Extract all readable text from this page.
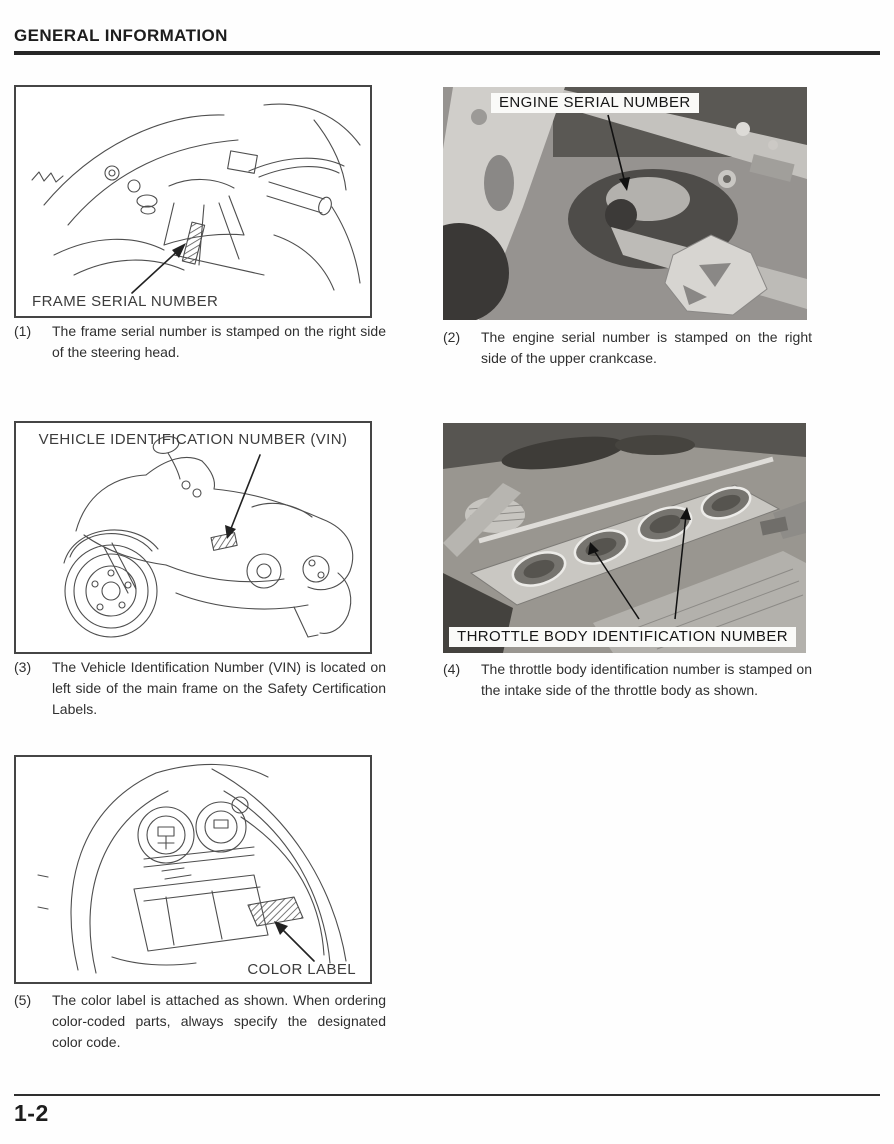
GENERAL INFORMATION
FRAME SERIAL NUMBER
(1)	The frame serial number is stamped on the right side of the steering head.
ENGINE SERIAL NUMBER
(2)	The engine serial number is stamped on the right side of the upper crankcase.
VEHICLE IDENTIFICATION NUMBER (VIN)
(3)	The Vehicle Identification Number (VIN) is located on left side of the main frame on the Safety Certification Labels.
THROTTLE BODY IDENTIFICATION NUMBER
(4)	The throttle body identification number is stamped on the intake side of the throttle body as shown.
COLOR LABEL
(5)	The color label is attached as shown. When ordering color-coded parts, always specify the designated color code.
1-2
